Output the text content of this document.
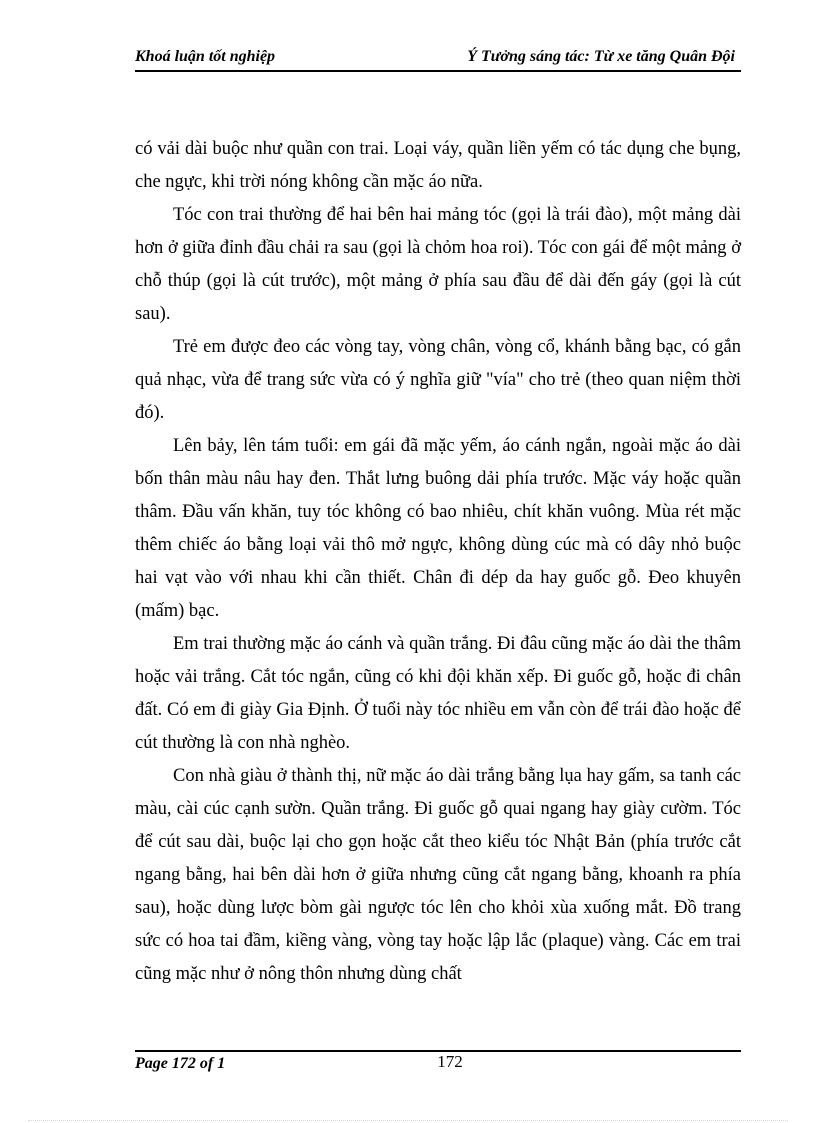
Khoá luận tốt nghiệp	Ý Tưởng sáng tác: Từ xe tăng Quân Đội

có vải dài buộc như quần con trai. Loại váy, quần liền yếm có tác dụng che bụng, che ngực, khi trời nóng không cần mặc áo nữa.

Tóc con trai thường để hai bên hai mảng tóc (gọi là trái đào), một mảng dài hơn ở giữa đỉnh đầu chải ra sau (gọi là chỏm hoa roi). Tóc con gái để một mảng ở chỗ thúp (gọi là cút trước), một mảng ở phía sau đầu để dài đến gáy (gọi là cút sau).

Trẻ em được đeo các vòng tay, vòng chân, vòng cổ, khánh bằng bạc, có gắn quả nhạc, vừa để trang sức vừa có ý nghĩa giữ "vía" cho trẻ (theo quan niệm thời đó).

Lên bảy, lên tám tuổi: em gái đã mặc yếm, áo cánh ngắn, ngoài mặc áo dài bốn thân màu nâu hay đen. Thắt lưng buông dải phía trước. Mặc váy hoặc quần thâm. Đầu vấn khăn, tuy tóc không có bao nhiêu, chít khăn vuông. Mùa rét mặc thêm chiếc áo bằng loại vải thô mở ngực, không dùng cúc mà có dây nhỏ buộc hai vạt vào với nhau khi cần thiết. Chân đi dép da hay guốc gỗ. Đeo khuyên (mấm) bạc.

Em trai thường mặc áo cánh và quần trắng. Đi đâu cũng mặc áo dài the thâm hoặc vải trắng. Cắt tóc ngắn, cũng có khi đội khăn xếp. Đi guốc gỗ, hoặc đi chân đất. Có em đi giày Gia Định. Ở tuổi này tóc nhiều em vẫn còn để trái đào hoặc để cút thường là con nhà nghèo.

Con nhà giàu ở thành thị, nữ mặc áo dài trắng bằng lụa hay gấm, sa tanh các màu, cài cúc cạnh sườn. Quần trắng. Đi guốc gỗ quai ngang hay giày cườm. Tóc để cút sau dài, buộc lại cho gọn hoặc cắt theo kiểu tóc Nhật Bản (phía trước cắt ngang bằng, hai bên dài hơn ở giữa nhưng cũng cắt ngang bằng, khoanh ra phía sau), hoặc dùng lược bòm gài ngược tóc lên cho khỏi xùa xuống mắt. Đồ trang sức có hoa tai đầm, kiềng vàng, vòng tay hoặc lập lắc (plaque) vàng. Các em trai cũng mặc như ở nông thôn nhưng dùng chất

Page 172 of 1	172
